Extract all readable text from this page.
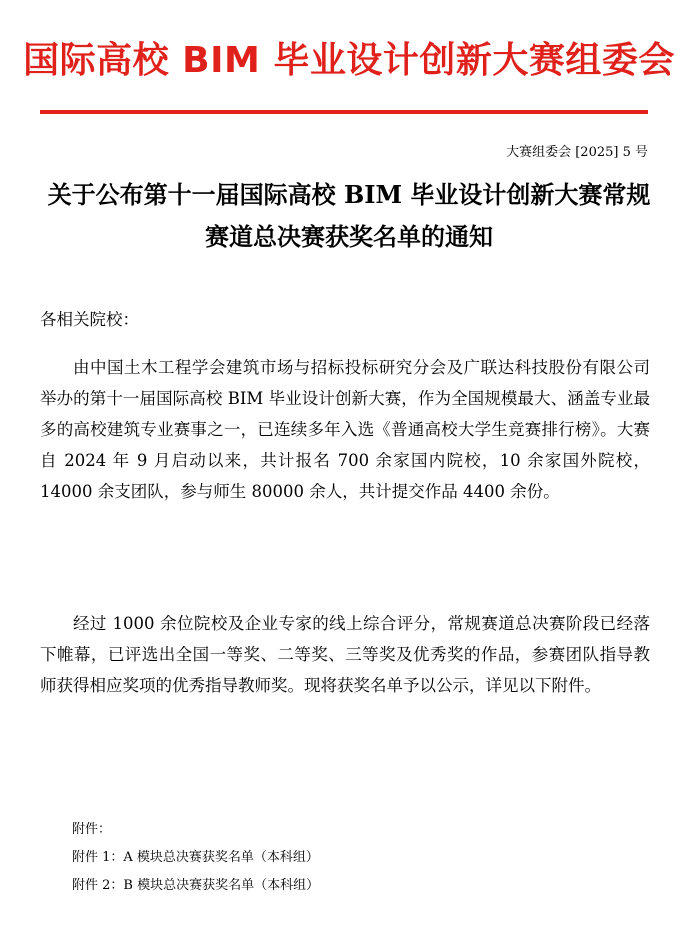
国际高校 BIM 毕业设计创新大赛组委会
大赛组委会 [2025] 5 号
关于公布第十一届国际高校 BIM 毕业设计创新大赛常规赛道总决赛获奖名单的通知

各相关院校：

由中国土木工程学会建筑市场与招标投标研究分会及广联达科技股份有限公司举办的第十一届国际高校 BIM 毕业设计创新大赛，作为全国规模最大、涵盖专业最多的高校建筑专业赛事之一，已连续多年入选《普通高校大学生竞赛排行榜》。大赛自 2024 年 9 月启动以来，共计报名 700 余家国内院校，10 余家国外院校，14000 余支团队，参与师生 80000 余人，共计提交作品 4400 余份。

经过 1000 余位院校及企业专家的线上综合评分，常规赛道总决赛阶段已经落下帷幕，已评选出全国一等奖、二等奖、三等奖及优秀奖的作品，参赛团队指导教师获得相应奖项的优秀指导教师奖。现将获奖名单予以公示，详见以下附件。

附件：
附件 1：A 模块总决赛获奖名单（本科组）
附件 2：B 模块总决赛获奖名单（本科组）
